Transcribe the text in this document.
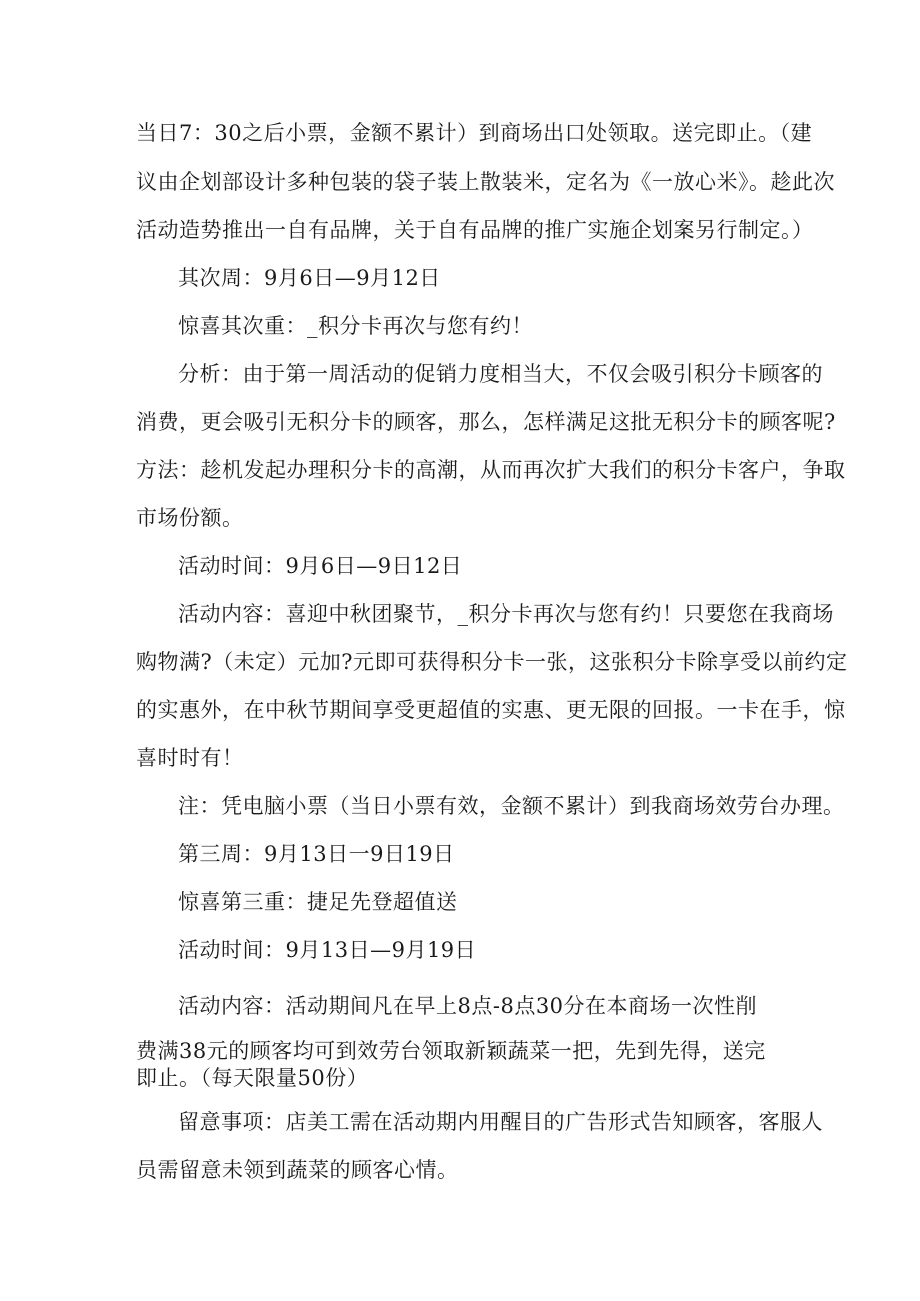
当日7：30之后小票，金额不累计）到商场出口处领取。送完即止。（建

议由企划部设计多种包装的袋子装上散装米，定名为《一放心米》。趁此次

活动造势推出一自有品牌，关于自有品牌的推广实施企划案另行制定。）

其次周：9月6日—9月12日

惊喜其次重：_积分卡再次与您有约！

分析：由于第一周活动的促销力度相当大，不仅会吸引积分卡顾客的

消费，更会吸引无积分卡的顾客，那么，怎样满足这批无积分卡的顾客呢?

方法：趁机发起办理积分卡的高潮，从而再次扩大我们的积分卡客户，争取

市场份额。

活动时间：9月6日—9日12日

活动内容：喜迎中秋团聚节，_积分卡再次与您有约！只要您在我商场

购物满?（未定）元加?元即可获得积分卡一张，这张积分卡除享受以前约定

的实惠外，在中秋节期间享受更超值的实惠、更无限的回报。一卡在手，惊

喜时时有！

注：凭电脑小票（当日小票有效，金额不累计）到我商场效劳台办理。

第三周：9月13日一9日19日

惊喜第三重：捷足先登超值送

活动时间：9月13日—9月19日

活动内容：活动期间凡在早上8点-8点30分在本商场一次性削

费满38元的顾客均可到效劳台领取新颖蔬菜一把，先到先得，送完

即止。（每天限量50份）

留意事项：店美工需在活动期内用醒目的广告形式告知顾客，客服人

员需留意未领到蔬菜的顾客心情。
